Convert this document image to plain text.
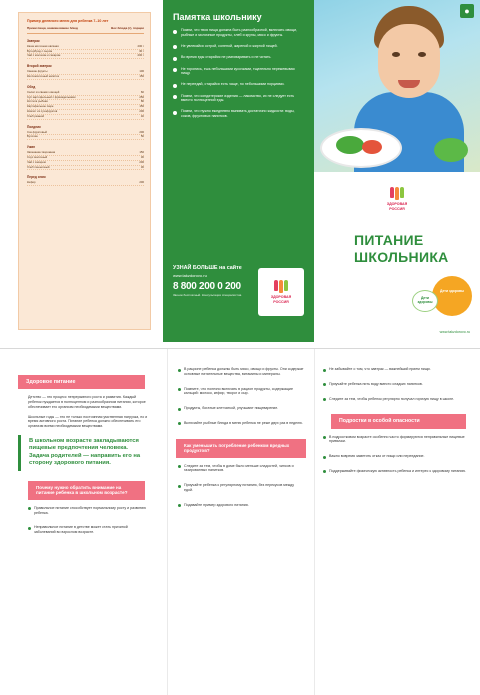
Пример дневного меню для ребенка 7–10 лет
Прием пищи, наименование блюд	Вес блюда (г), порции
Завтрак
Каша молочная овсяная	200 г
Бутерброд с сыром	30 г
Чай с молоком и сахаром	200 г
Второй завтрак
Свежие фрукты	100
Кисломолочный напиток	150
Обед
Салат из свежих овощей	60
Суп картофельный с фрикадельками	250
Котлета рыбная	80
Картофельное пюре	150
Компот из сухофруктов	200
Хлеб ржаной	40
Полдник
Сок фруктовый	200
Булочка	50
Ужин
Запеканка творожная	150
Соус молочный	30
Чай с сахаром	200
Хлеб пшеничный	30
Перед сном
Кефир	200
Памятка школьнику
Помни, что твоя пища должна быть разнообразной, включать овощи, рыбные и молочные продукты, хлеб и крупы, мясо и фрукты.
Не увлекайся острой, соленой, жареной и жирной пищей.
Во время еды старайся не разговаривать и не читать.
Не торопись, ешь небольшими кусочками, тщательно пережевывая пищу.
Не переедай, старайся есть чаще, но небольшими порциями.
Помни, что кондитерские изделия — лакомство, их не следует есть вместо полноценной еды.
Помни, что нужно ежедневно выпивать достаточно жидкости: воды, соков, фруктовых напитков.
УЗНАЙ БОЛЬШЕ на сайте
www.takzdorovo.ru
8 800 200 0 200
Звонок бесплатный. Консультация специалистов.
ЗДОРОВАЯ
РОССИЯ
●
ЗДОРОВАЯ
РОССИЯ
ПИТАНИЕ
ШКОЛЬНИКА
Дети здоровы
Дети здоровы
www.takzdorovo.ru
Здоровое питание
Детство — это процесс непрерывного роста и развития. Каждый ребенок нуждается в полноценном и разнообразном питании, которое обеспечивает его организм необходимыми веществами.
Школьные годы — это не только постоянная умственная нагрузка, но и время активного роста. Питание ребенка должно обеспечивать его организм всеми необходимыми веществами.
В школьном возрасте закладываются пищевые предпочтения человека. Задача родителей — направить его на сторону здорового питания.
Почему нужно обратить внимание на питание ребенка в школьном возрасте?
Правильное питание способствует нормальному росту и развитию ребенка.
Неправильное питание в детстве может стать причиной заболеваний во взрослом возрасте.
В рационе ребенка должны быть мясо, овощи и фрукты. Они содержат основные питательные вещества, витамины и минералы.
Помните, что полезно включать в рацион продукты, содержащие кальций: молоко, кефир, творог и сыр.
Продукты, богатые клетчаткой, улучшают пищеварение.
Включайте рыбные блюда в меню ребенка не реже двух раз в неделю.
Как уменьшить потребление ребенком вредных продуктов?
Следите за тем, чтобы в доме было меньше сладостей, чипсов и газированных напитков.
Приучайте ребенка к регулярному питанию, без перекусов между едой.
Подавайте пример здорового питания.
Не забывайте о том, что завтрак — важнейший прием пищи.
Приучайте ребенка пить воду вместо сладких напитков.
Следите за тем, чтобы ребенок регулярно получал горячую пищу в школе.
Подростки в особой опасности
В подростковом возрасте особенно часто формируются неправильные пищевые привычки.
Важно вовремя заметить отказ от пищи или переедание.
Поддерживайте физическую активность ребенка и интерес к здоровому питанию.
